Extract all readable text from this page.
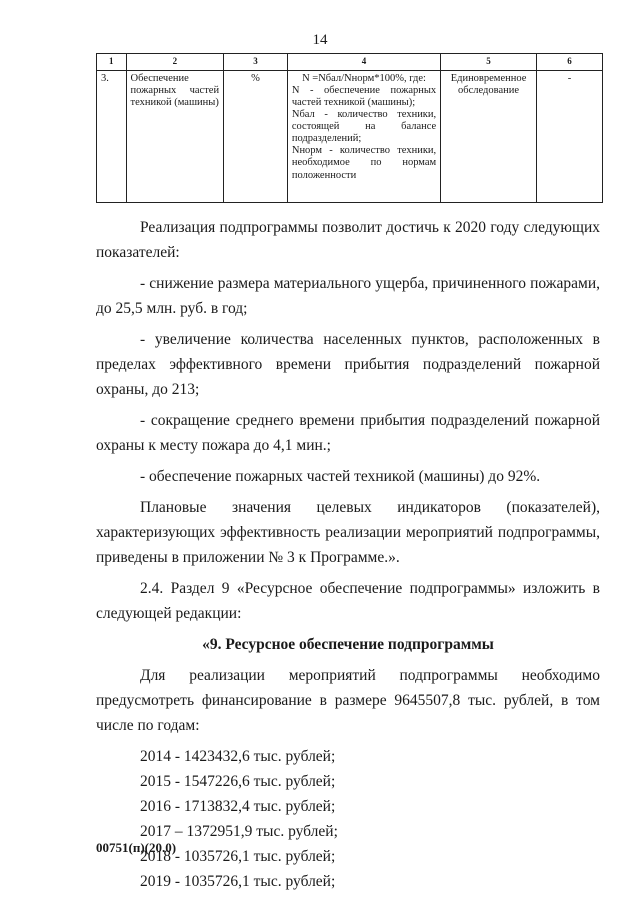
14
1	2	3	4	5	6
3.	Обеспечение пожарных частей техникой (машины)	%	N =Nбал/Nнорм*100%, где:
N - обеспечение пожарных частей техникой (машины);
Nбал - количество техники, состоящей на балансе подразделений;
Nнорм - количество техники, необходимое по нормам положенности	Единовременное обследование	-

Реализация подпрограммы позволит достичь к 2020 году следующих показателей:

- снижение размера материального ущерба, причиненного пожарами, до 25,5 млн. руб. в год;

- увеличение количества населенных пунктов, расположенных в пределах эффективного времени прибытия подразделений пожарной охраны, до 213;

- сокращение среднего времени прибытия подразделений пожарной охраны к месту пожара до 4,1 мин.;

- обеспечение пожарных частей техникой (машины) до 92%.

Плановые значения целевых индикаторов (показателей), характеризующих эффективность реализации мероприятий подпрограммы, приведены в приложении № 3 к Программе.».

2.4. Раздел 9 «Ресурсное обеспечение подпрограммы» изложить в следующей редакции:

«9. Ресурсное обеспечение подпрограммы

Для реализации мероприятий подпрограммы необходимо предусмотреть финансирование в размере 9645507,8 тыс. рублей, в том числе по годам:

2014 - 1423432,6 тыс. рублей;

2015 - 1547226,6 тыс. рублей;

2016 - 1713832,4 тыс. рублей;

2017 – 1372951,9 тыс. рублей;

2018 - 1035726,1 тыс. рублей;

2019 - 1035726,1 тыс. рублей;

00751(п)(20.0)
